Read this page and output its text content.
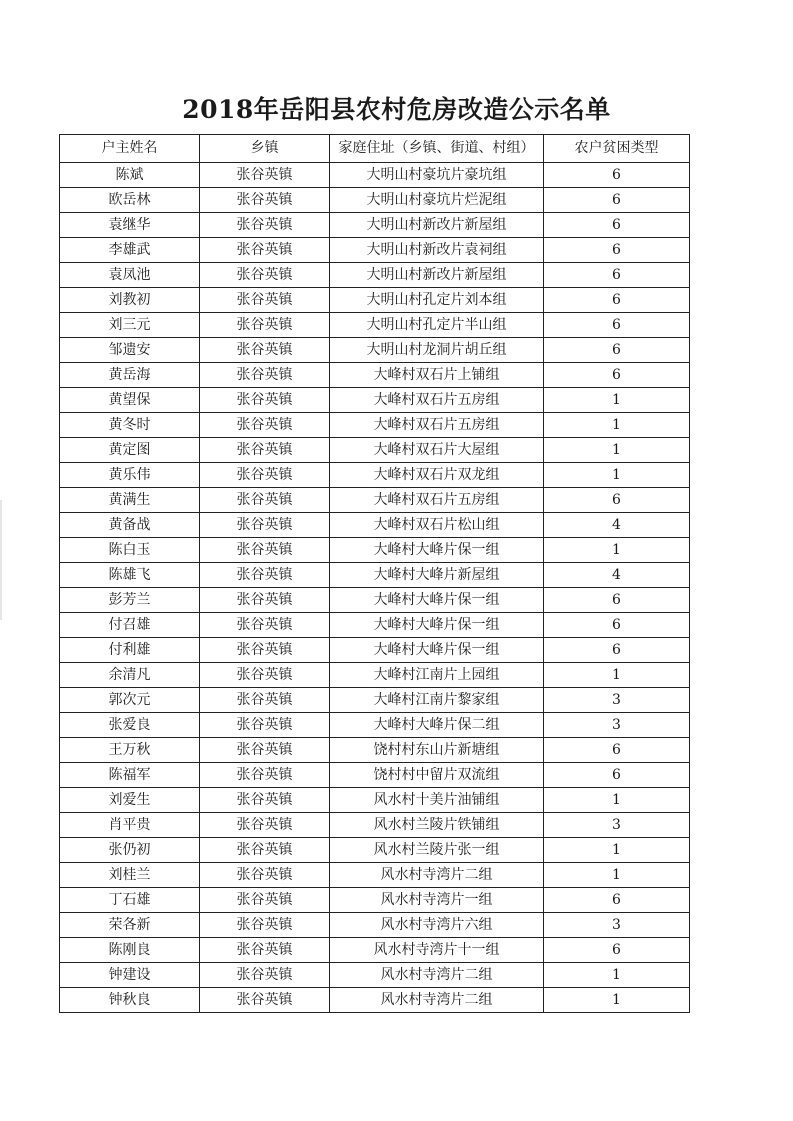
2018年岳阳县农村危房改造公示名单
户主姓名	乡镇	家庭住址（乡镇、街道、村组）	农户贫困类型
陈斌	张谷英镇	大明山村豪坑片豪坑组	6
欧岳林	张谷英镇	大明山村豪坑片烂泥组	6
袁继华	张谷英镇	大明山村新改片新屋组	6
李雄武	张谷英镇	大明山村新改片袁祠组	6
袁凤池	张谷英镇	大明山村新改片新屋组	6
刘教初	张谷英镇	大明山村孔定片刘本组	6
刘三元	张谷英镇	大明山村孔定片半山组	6
邹遗安	张谷英镇	大明山村龙洞片胡丘组	6
黄岳海	张谷英镇	大峰村双石片上铺组	6
黄望保	张谷英镇	大峰村双石片五房组	1
黄冬时	张谷英镇	大峰村双石片五房组	1
黄定图	张谷英镇	大峰村双石片大屋组	1
黄乐伟	张谷英镇	大峰村双石片双龙组	1
黄满生	张谷英镇	大峰村双石片五房组	6
黄备战	张谷英镇	大峰村双石片松山组	4
陈白玉	张谷英镇	大峰村大峰片保一组	1
陈雄飞	张谷英镇	大峰村大峰片新屋组	4
彭芳兰	张谷英镇	大峰村大峰片保一组	6
付召雄	张谷英镇	大峰村大峰片保一组	6
付利雄	张谷英镇	大峰村大峰片保一组	6
余清凡	张谷英镇	大峰村江南片上园组	1
郭次元	张谷英镇	大峰村江南片黎家组	3
张爱良	张谷英镇	大峰村大峰片保二组	3
王万秋	张谷英镇	饶村村东山片新塘组	6
陈福军	张谷英镇	饶村村中留片双流组	6
刘爱生	张谷英镇	风水村十美片油铺组	1
肖平贵	张谷英镇	风水村兰陵片铁铺组	3
张仍初	张谷英镇	风水村兰陵片张一组	1
刘桂兰	张谷英镇	风水村寺湾片二组	1
丁石雄	张谷英镇	风水村寺湾片一组	6
荣各新	张谷英镇	风水村寺湾片六组	3
陈刚良	张谷英镇	风水村寺湾片十一组	6
钟建设	张谷英镇	风水村寺湾片二组	1
钟秋良	张谷英镇	风水村寺湾片二组	1
